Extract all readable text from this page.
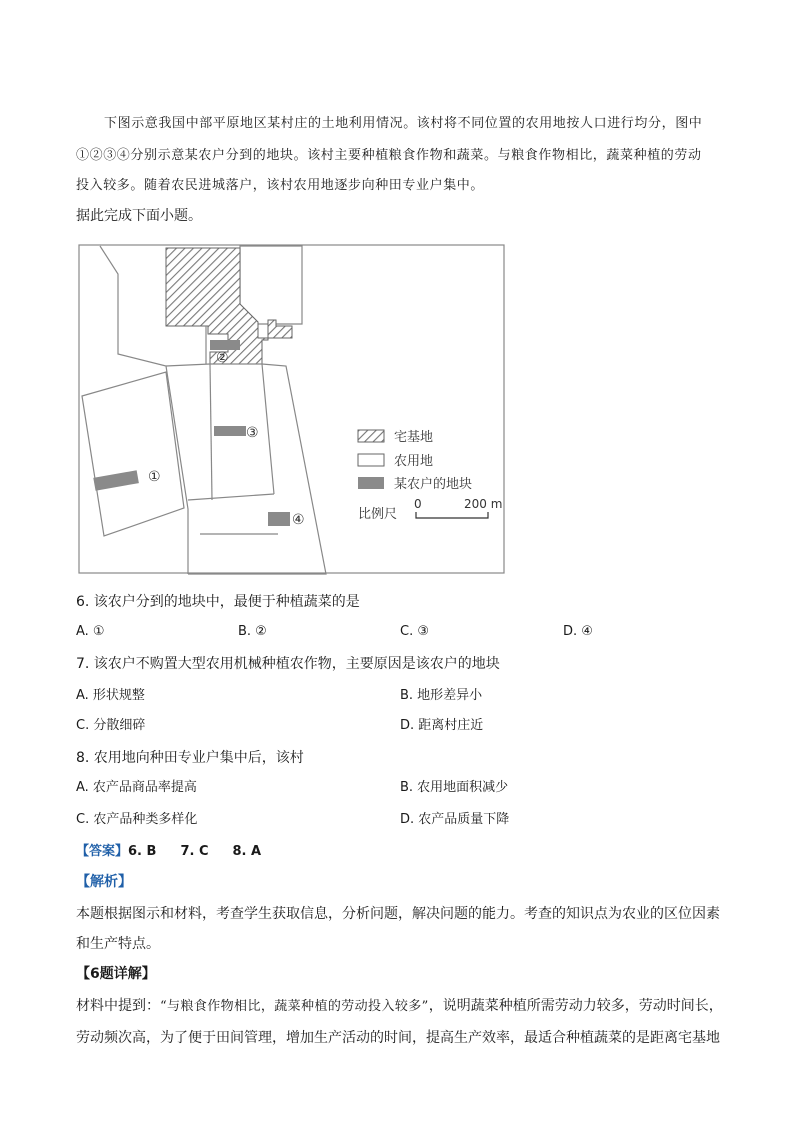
下图示意我国中部平原地区某村庄的土地利用情况。该村将不同位置的农用地按人口进行均分，图中
①②③④分别示意某农户分到的地块。该村主要种植粮食作物和蔬菜。与粮食作物相比，蔬菜种植的劳动
投入较多。随着农民进城落户，该村农用地逐步向种田专业户集中。
据此完成下面小题。
①
②
③
④
宅基地
农用地
某农户的地块
比例尺
0	200 m
6. 该农户分到的地块中，最便于种植蔬菜的是
A. ①	B. ②	C. ③	D. ④
7. 该农户不购置大型农用机械种植农作物，主要原因是该农户的地块
A. 形状规整	B. 地形差异小
C. 分散细碎	D. 距离村庄近
8. 农用地向种田专业户集中后，该村
A. 农产品商品率提高	B. 农用地面积减少
C. 农产品种类多样化	D. 农产品质量下降
【答案】6. B 7. C 8. A
【解析】
本题根据图示和材料，考查学生获取信息，分析问题，解决问题的能力。考查的知识点为农业的区位因素
和生产特点。
【6题详解】
材料中提到：“与粮食作物相比，蔬菜种植的劳动投入较多”，说明蔬菜种植所需劳动力较多，劳动时间长，
劳动频次高，为了便于田间管理，增加生产活动的时间，提高生产效率，最适合种植蔬菜的是距离宅基地
